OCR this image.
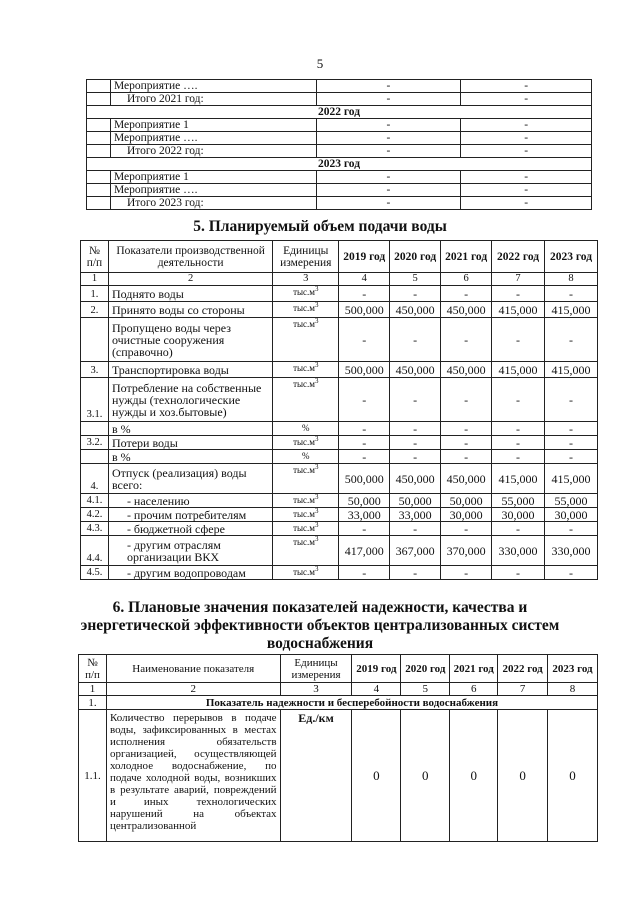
5
	Мероприятие ….	-	-
	Итого 2021 год:	-	-
2022 год			
	Мероприятие 1	-	-
	Мероприятие ….	-	-
	Итого 2022 год:	-	-
2023 год			
	Мероприятие 1	-	-
	Мероприятие ….	-	-
	Итого 2023 год:	-	-
5. Планируемый объем подачи воды
№ п/п	Показатели производственной деятельности	Единицы измерения	2019 год	2020 год	2021 год	2022 год	2023 год
1	2	3	4	5	6	7	8
1.	Поднято воды	$тыс.м^3$	-	-	-	-	-
2.	Принято воды со стороны	$тыс.м^3$	500,000	450,000	450,000	415,000	415,000
	Пропущено воды через очистные сооружения (справочно)	$тыс.м^3$	-	-	-	-	-
3.	Транспортировка воды	$тыс.м^3$	500,000	450,000	450,000	415,000	415,000
3.1.	Потребление на собственные нужды (технологические нужды и хоз.бытовые)	$тыс.м^3$	-	-	-	-	-
	в %	%	-	-	-	-	-
3.2.	Потери воды	$тыс.м^3$	-	-	-	-	-
	в %	%	-	-	-	-	-
4.	Отпуск (реализация) воды всего:	$тыс.м^3$	500,000	450,000	450,000	415,000	415,000
4.1.	- населению	$тыс.м^3$	50,000	50,000	50,000	55,000	55,000
4.2.	- прочим потребителям	$тыс.м^3$	33,000	33,000	30,000	30,000	30,000
4.3.	- бюджетной сфере	$тыс.м^3$	-	-	-	-	-
4.4.	- другим отраслям организации ВКХ	$тыс.м^3$	417,000	367,000	370,000	330,000	330,000
4.5.	- другим водопроводам	$тыс.м^3$	-	-	-	-	-
6. Плановые значения показателей надежности, качества и
энергетической эффективности объектов централизованных систем
водоснабжения
№ п/п	Наименование показателя	Единицы измерения	2019 год	2020 год	2021 год	2022 год	2023 год
1	2	3	4	5	6	7	8
1.	Показатель надежности и бесперебойности водоснабжения						
1.1.	Количество перерывов в подаче воды, зафиксированных в местах исполнения обязательств организацией, осуществляющей холодное водоснабжение, по подаче холодной воды, возникших в результате аварий, повреждений и иных технологических нарушений на объектах централизованной	Ед./км	0	0	0	0	0
